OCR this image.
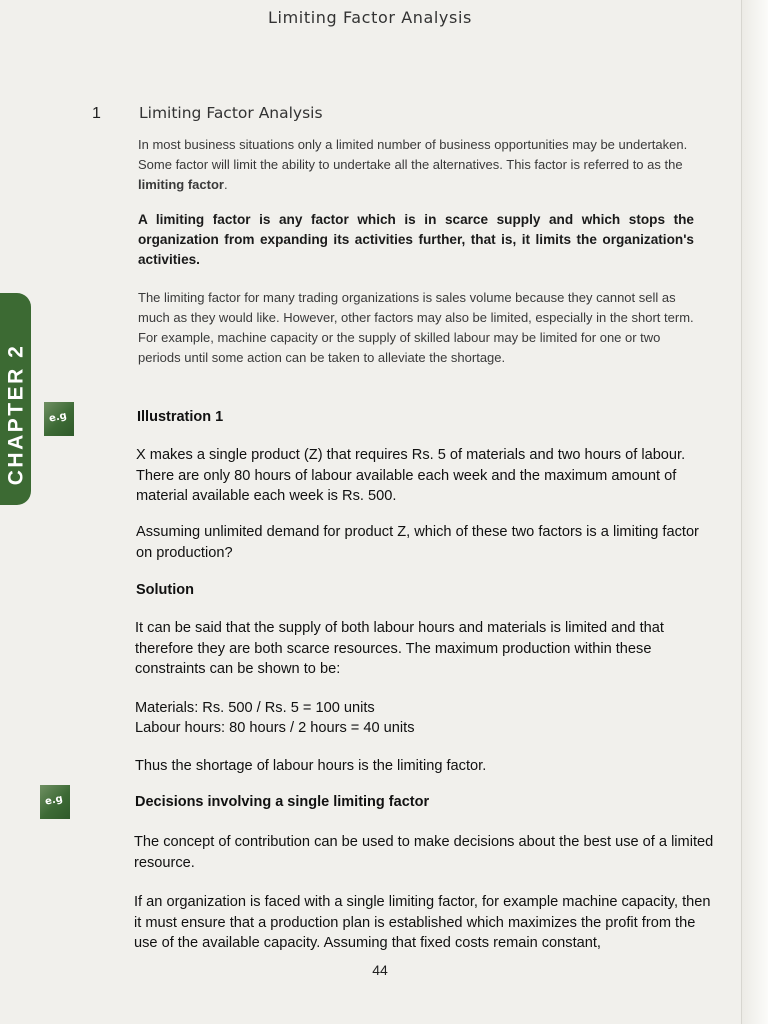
Limiting Factor Analysis
1 Limiting Factor Analysis

In most business situations only a limited number of business opportunities may be undertaken. Some factor will limit the ability to undertake all the alternatives. This factor is referred to as the limiting factor.

A limiting factor is any factor which is in scarce supply and which stops the organization from expanding its activities further, that is, it limits the organization's activities.

The limiting factor for many trading organizations is sales volume because they cannot sell as much as they would like. However, other factors may also be limited, especially in the short term. For example, machine capacity or the supply of skilled labour may be limited for one or two periods until some action can be taken to alleviate the shortage.

CHAPTER 2	e.g
e.g
Illustration 1

X makes a single product (Z) that requires Rs. 5 of materials and two hours of labour. There are only 80 hours of labour available each week and the maximum amount of material available each week is Rs. 500.

Assuming unlimited demand for product Z, which of these two factors is a limiting factor on production?

Solution

It can be said that the supply of both labour hours and materials is limited and that therefore they are both scarce resources. The maximum production within these constraints can be shown to be:

Materials: Rs. 500 / Rs. 5 = 100 units
Labour hours: 80 hours / 2 hours = 40 units
Thus the shortage of labour hours is the limiting factor.
Decisions involving a single limiting factor

The concept of contribution can be used to make decisions about the best use of a limited resource.

If an organization is faced with a single limiting factor, for example machine capacity, then it must ensure that a production plan is established which maximizes the profit from the use of the available capacity. Assuming that fixed costs remain constant,

44
